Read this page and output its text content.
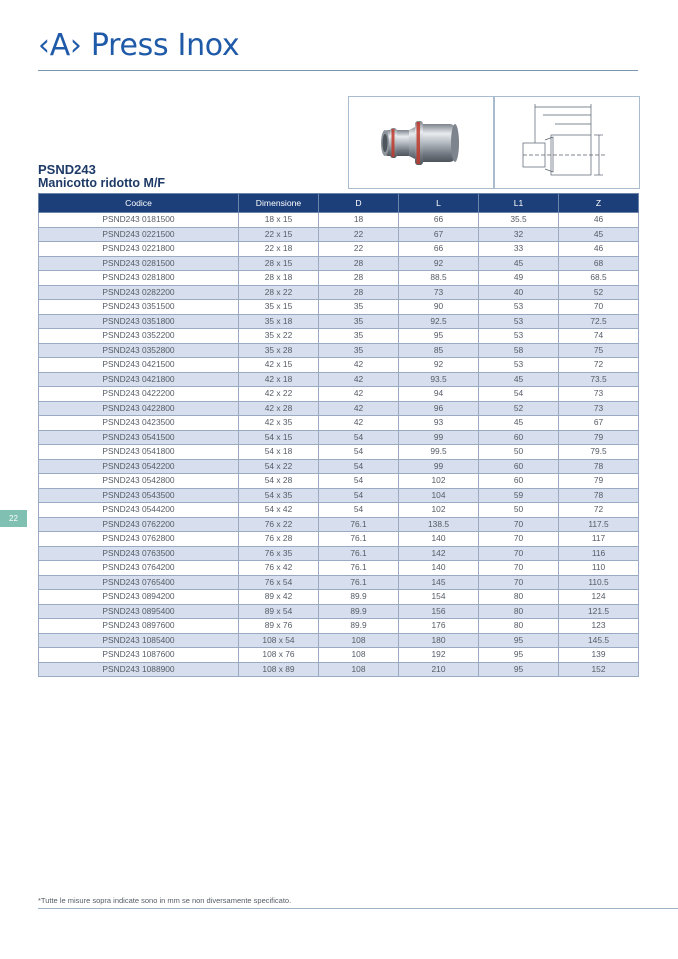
‹A› Press Inox
PSND243
Manicotto ridotto M/F
Codice	Dimensione	D	L	L1	Z
PSND243 0181500	18 x 15	18	66	35.5	46
PSND243 0221500	22 x 15	22	67	32	45
PSND243 0221800	22 x 18	22	66	33	46
PSND243 0281500	28 x 15	28	92	45	68
PSND243 0281800	28 x 18	28	88.5	49	68.5
PSND243 0282200	28 x 22	28	73	40	52
PSND243 0351500	35 x 15	35	90	53	70
PSND243 0351800	35 x 18	35	92.5	53	72.5
PSND243 0352200	35 x 22	35	95	53	74
PSND243 0352800	35 x 28	35	85	58	75
PSND243 0421500	42 x 15	42	92	53	72
PSND243 0421800	42 x 18	42	93.5	45	73.5
PSND243 0422200	42 x 22	42	94	54	73
PSND243 0422800	42 x 28	42	96	52	73
PSND243 0423500	42 x 35	42	93	45	67
PSND243 0541500	54 x 15	54	99	60	79
PSND243 0541800	54 x 18	54	99.5	50	79.5
PSND243 0542200	54 x 22	54	99	60	78
PSND243 0542800	54 x 28	54	102	60	79
PSND243 0543500	54 x 35	54	104	59	78
PSND243 0544200	54 x 42	54	102	50	72
PSND243 0762200	76 x 22	76.1	138.5	70	117.5
PSND243 0762800	76 x 28	76.1	140	70	117
PSND243 0763500	76 x 35	76.1	142	70	116
PSND243 0764200	76 x 42	76.1	140	70	110
PSND243 0765400	76 x 54	76.1	145	70	110.5
PSND243 0894200	89 x 42	89.9	154	80	124
PSND243 0895400	89 x 54	89.9	156	80	121.5
PSND243 0897600	89 x 76	89.9	176	80	123
PSND243 1085400	108 x 54	108	180	95	145.5
PSND243 1087600	108 x 76	108	192	95	139
PSND243 1088900	108 x 89	108	210	95	152
22
*Tutte le misure sopra indicate sono in mm se non diversamente specificato.
